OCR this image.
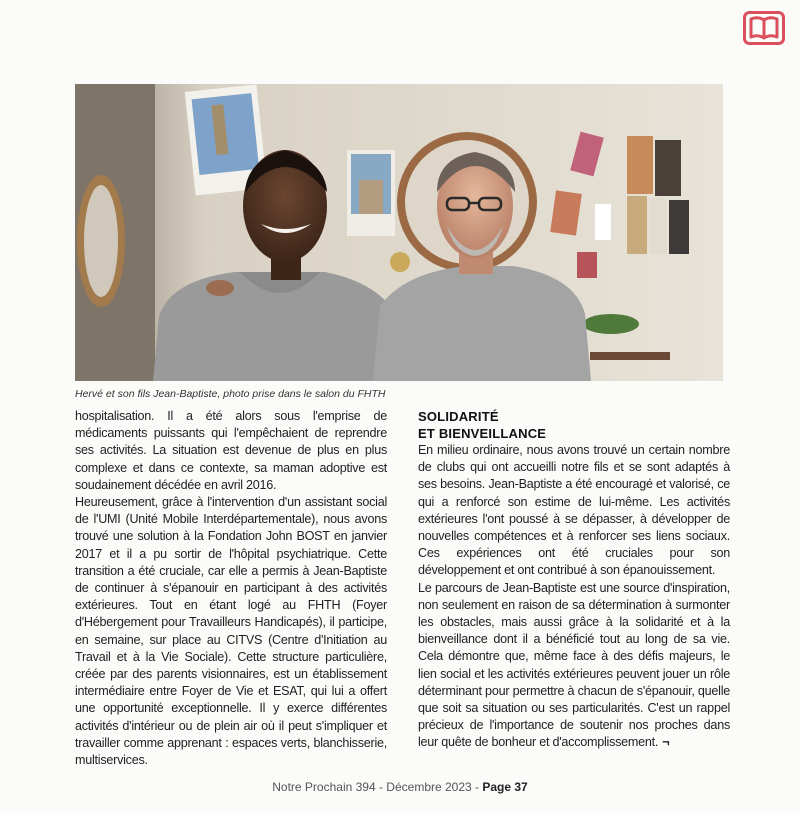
Hervé et son fils Jean-Baptiste, photo prise dans le salon du FHTH

hospitalisation. Il a été alors sous l'emprise de médicaments puissants qui l'empêchaient de reprendre ses activités. La situation est devenue de plus en plus complexe et dans ce contexte, sa maman adoptive est soudainement décédée en avril 2016.

Heureusement, grâce à l'intervention d'un assistant social de l'UMI (Unité Mobile Interdépartementale), nous avons trouvé une solution à la Fondation John BOST en janvier 2017 et il a pu sortir de l'hôpital psychiatrique. Cette transition a été cruciale, car elle a permis à Jean-Baptiste de continuer à s'épanouir en participant à des activités extérieures. Tout en étant logé au FHTH (Foyer d'Hébergement pour Travailleurs Handicapés), il participe, en semaine, sur place au CITVS (Centre d'Initiation au Travail et à la Vie Sociale). Cette structure particulière, créée par des parents visionnaires, est un établissement intermédiaire entre Foyer de Vie et ESAT, qui lui a offert une opportunité exceptionnelle. Il y exerce différentes activités d'intérieur ou de plein air où il peut s'impliquer et travailler comme apprenant : espaces verts, blanchisserie, multiservices.

SOLIDARITÉ
ET BIENVEILLANCE

En milieu ordinaire, nous avons trouvé un certain nombre de clubs qui ont accueilli notre fils et se sont adaptés à ses besoins. Jean-Baptiste a été encouragé et valorisé, ce qui a renforcé son estime de lui-même. Les activités extérieures l'ont poussé à se dépasser, à développer de nouvelles compétences et à renforcer ses liens sociaux. Ces expériences ont été cruciales pour son développement et ont contribué à son épanouissement.

Le parcours de Jean-Baptiste est une source d'inspiration, non seulement en raison de sa détermination à surmonter les obstacles, mais aussi grâce à la solidarité et à la bienveillance dont il a bénéficié tout au long de sa vie. Cela démontre que, même face à des défis majeurs, le lien social et les activités extérieures peuvent jouer un rôle déterminant pour permettre à chacun de s'épanouir, quelle que soit sa situation ou ses particularités. C'est un rappel précieux de l'importance de soutenir nos proches dans leur quête de bonheur et d'accomplissement. ¬

Notre Prochain 394 - Décembre 2023 - Page 37
